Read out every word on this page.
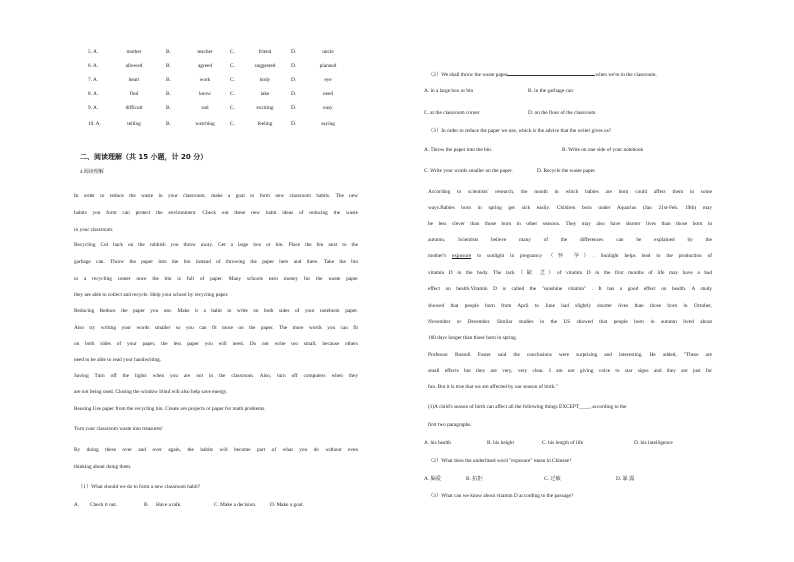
5. A.	mother	B.	teacher	C.	friend	D.	uncle
6. A.	allowed	B.	agreed	C.	suggested	D.	planned
7. A.	heart	B.	work	C.	body	D.	eye
8. A.	find	B.	know	C.	take	D.	need
9. A.	difficult	B.	sad	C.	exciting	D.	easy
10. A.	telling	B.	watching	C.	feeling	D.	saying
二、阅读理解（共 15 小题，计 20 分）
4.阅读理解
In order to reduce the waste in your classroom, make a goal to form new classroom habits. The new
habits you form can protect the environment. Check out these new habit ideas of reducing the waste
in your classroom.
Recycling Cut back on the rubbish you throw away. Get a large box or bin. Place the bin next to the
garbage can. Throw the paper into the bin instead of throwing the paper here and there. Take the bin
to a recycling center once the bin is full of paper. Many schools earn money for the waste paper
they are able to collect and recycle. Help your school by recycling paper.
Reducing Reduce the paper you use. Make it a habit to write on both sides of your notebook paper.
Also try writing your words smaller so you can fit more on the paper. The more words you can fit
on both sides of your paper, the less paper you will need. Do not write too small, because others
need to be able to read your handwriting.
Saving Turn off the lights when you are not in the classroom. Also, turn off computers when they
are not being used. Closing the window blind will also help save energy.
Reusing Use paper from the recycling bin. Create are projects or paper for math problems.
Turn your classroom waste into treasures!
By doing these over and over again, the habits will become part of what you do without even
thinking about doing them.
（1）What should we do to form a new classroom habit?
A. Check it out.	B. Have a talk.	C. Make a decision.	D. Make a goal.
（2）We shall throw the waste paper	when we're in the classroom.
A. in a large box or bin	B. in the garbage can
C. at the classroom corner	D. on the floor of the classroom
（3）In order to reduce the paper we use, which is the advice that the writer gives us?
A. Throw the paper into the bin.	B. Write on one side of your notebook
C. Write your words smaller on the paper.	D. Recycle the waste paper.
According to scientists' research, the month in which babies are born could affect them in some
ways.Babies born in spring get sick easily. Children born under Aquarius (Jan 21st-Feb. 19th) may
be less clever than those born in other seasons. They may also have shorter lives than those born in
autumn, Scientists believe many of the differences can be explained by the
mother's exposure to sunlight in pregnancy （怀 孕）. Sunlight helps lead to the production of
vitamin D in the body. The lack（缺 乏）of vitamin D in the first months of life may have a bad
effect on health.Vitamin D is called the "sunshine vitamin" . It has a good effect on health. A study
showed that people born from April to June had slightly shorter lives than those born in October,
November or December. Similar studies in the US showed that people born in autumn lived about
160 days longer than those born in spring.
Professor Russell Foster said the conclusions were surprising and interesting. He added, "These are
small effects but they are very, very clear. I am not giving voice to star signs and they are just for
fun. But it is true that we are affected by our season of birth."
(1)A child's season of birth can affect all the following things EXCEPT____, according to the
first two paragraphs.
A. his health	B. his height	C. his length of life	D. his intelligence
（2）What does the underlined word "exposure" mean in Chinese?
A. 偏爱	B. 抗拒	C. 过敏	D. 暴 露
（3）What can we know about vitamin D according to the passage?
